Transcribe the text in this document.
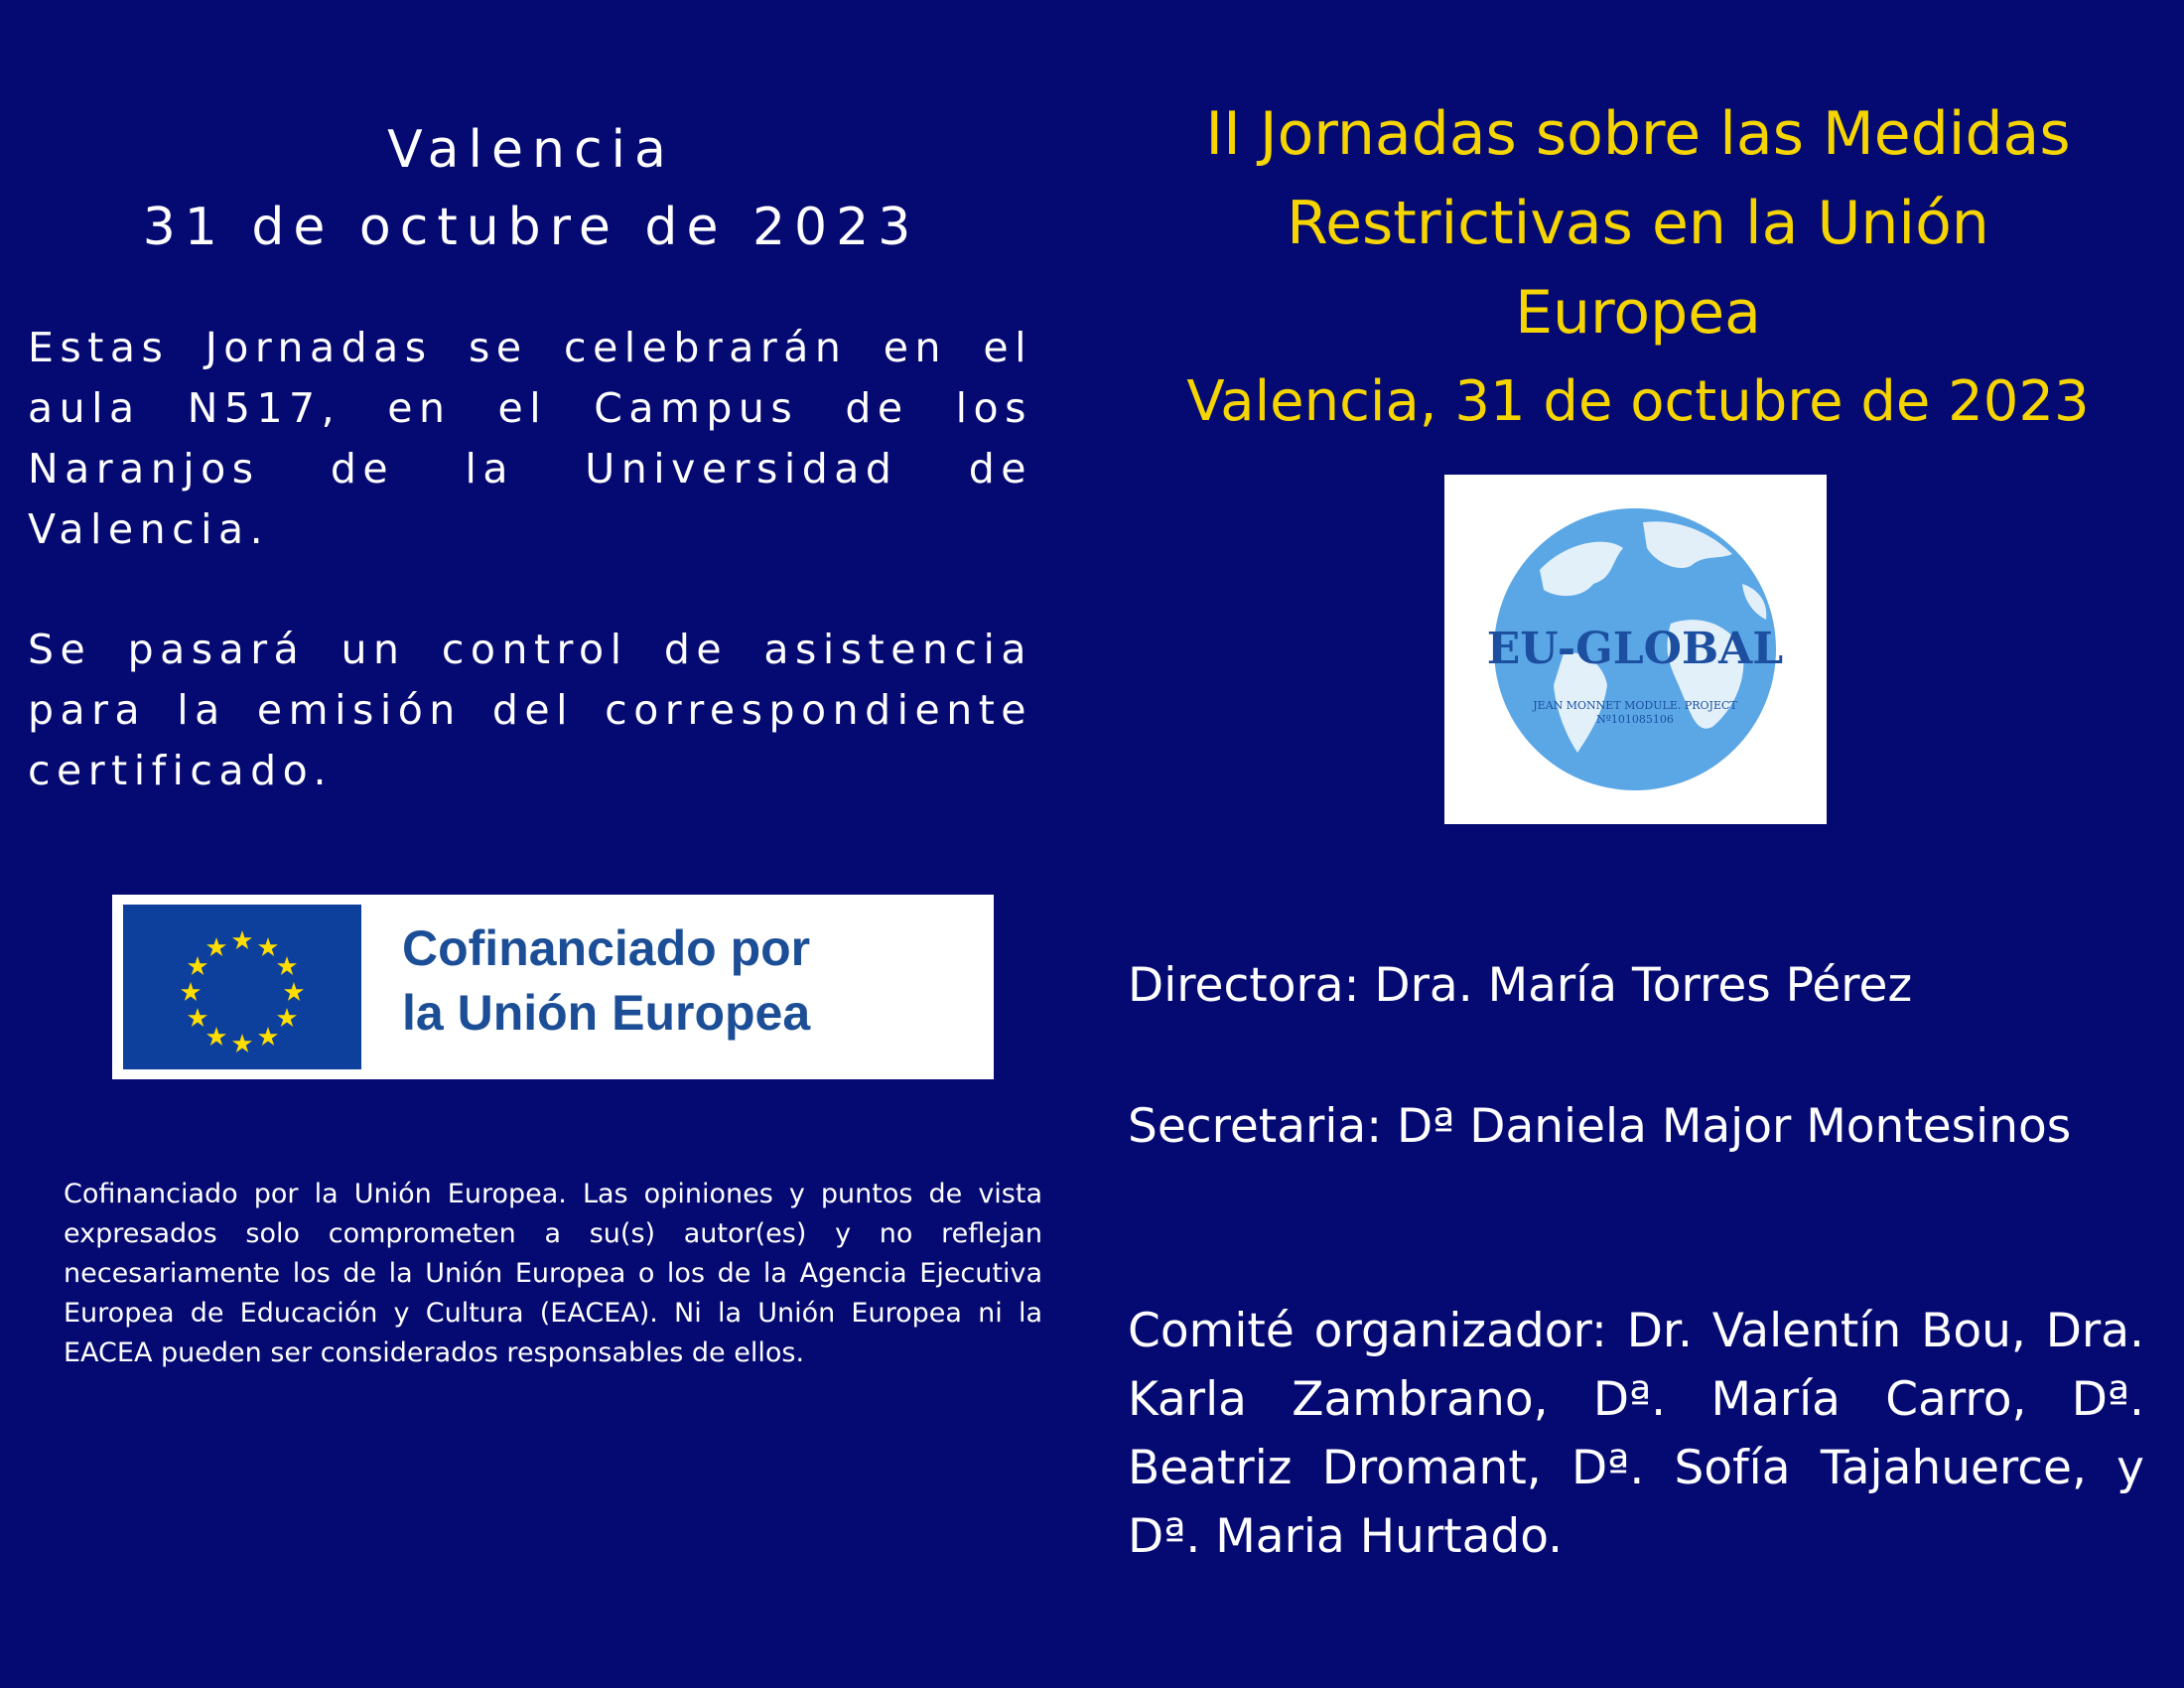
Valencia
31 de octubre de 2023
Estas Jornadas se celebrarán en el aula N517, en el Campus de los Naranjos de la Universidad de Valencia.
Se pasará un control de asistencia para la emisión del correspondiente certificado.
Cofinanciado por
la Unión Europea
Cofinanciado por la Unión Europea. Las opiniones y puntos de vista expresados solo comprometen a su(s) autor(es) y no reflejan necesariamente los de la Unión Europea o los de la Agencia Ejecutiva Europea de Educación y Cultura (EACEA). Ni la Unión Europea ni la EACEA pueden ser considerados responsables de ellos.
II Jornadas sobre las Medidas
Restrictivas en la Unión
Europea
Valencia, 31 de octubre de 2023
EU-GLOBAL
JEAN MONNET MODULE. PROJECT
Nº101085106
Directora: Dra. María Torres Pérez
Secretaria: Dª Daniela Major Montesinos
Comité organizador: Dr. Valentín Bou, Dra. Karla Zambrano, Dª. María Carro, Dª. Beatriz Dromant, Dª. Sofía Tajahuerce, y Dª. Maria Hurtado.
